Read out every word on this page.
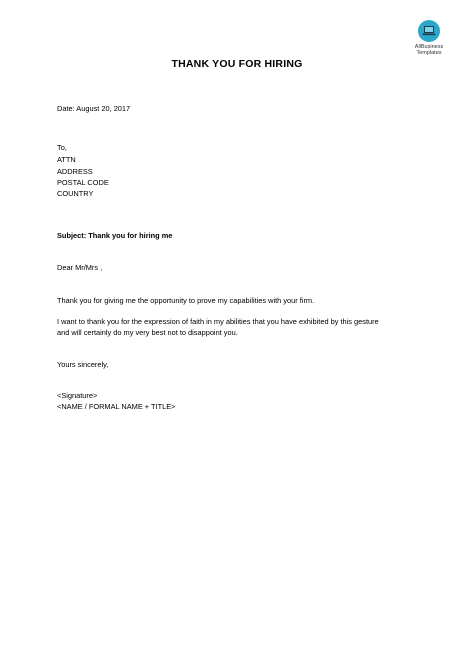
AllBusiness
Templates
THANK YOU FOR HIRING
Date: August 20, 2017
To,
ATTN
ADDRESS
POSTAL CODE
COUNTRY
Subject: Thank you for hiring me
Dear Mr/Mrs ,
Thank you for giving me the opportunity to prove my capabilities with your firm.
I want to thank you for the expression of faith in my abilities that you have exhibited by this gesture
and will certainly do my very best not to disappoint you.
Yours sincerely,
<Signature>
<NAME / FORMAL NAME + TITLE>
